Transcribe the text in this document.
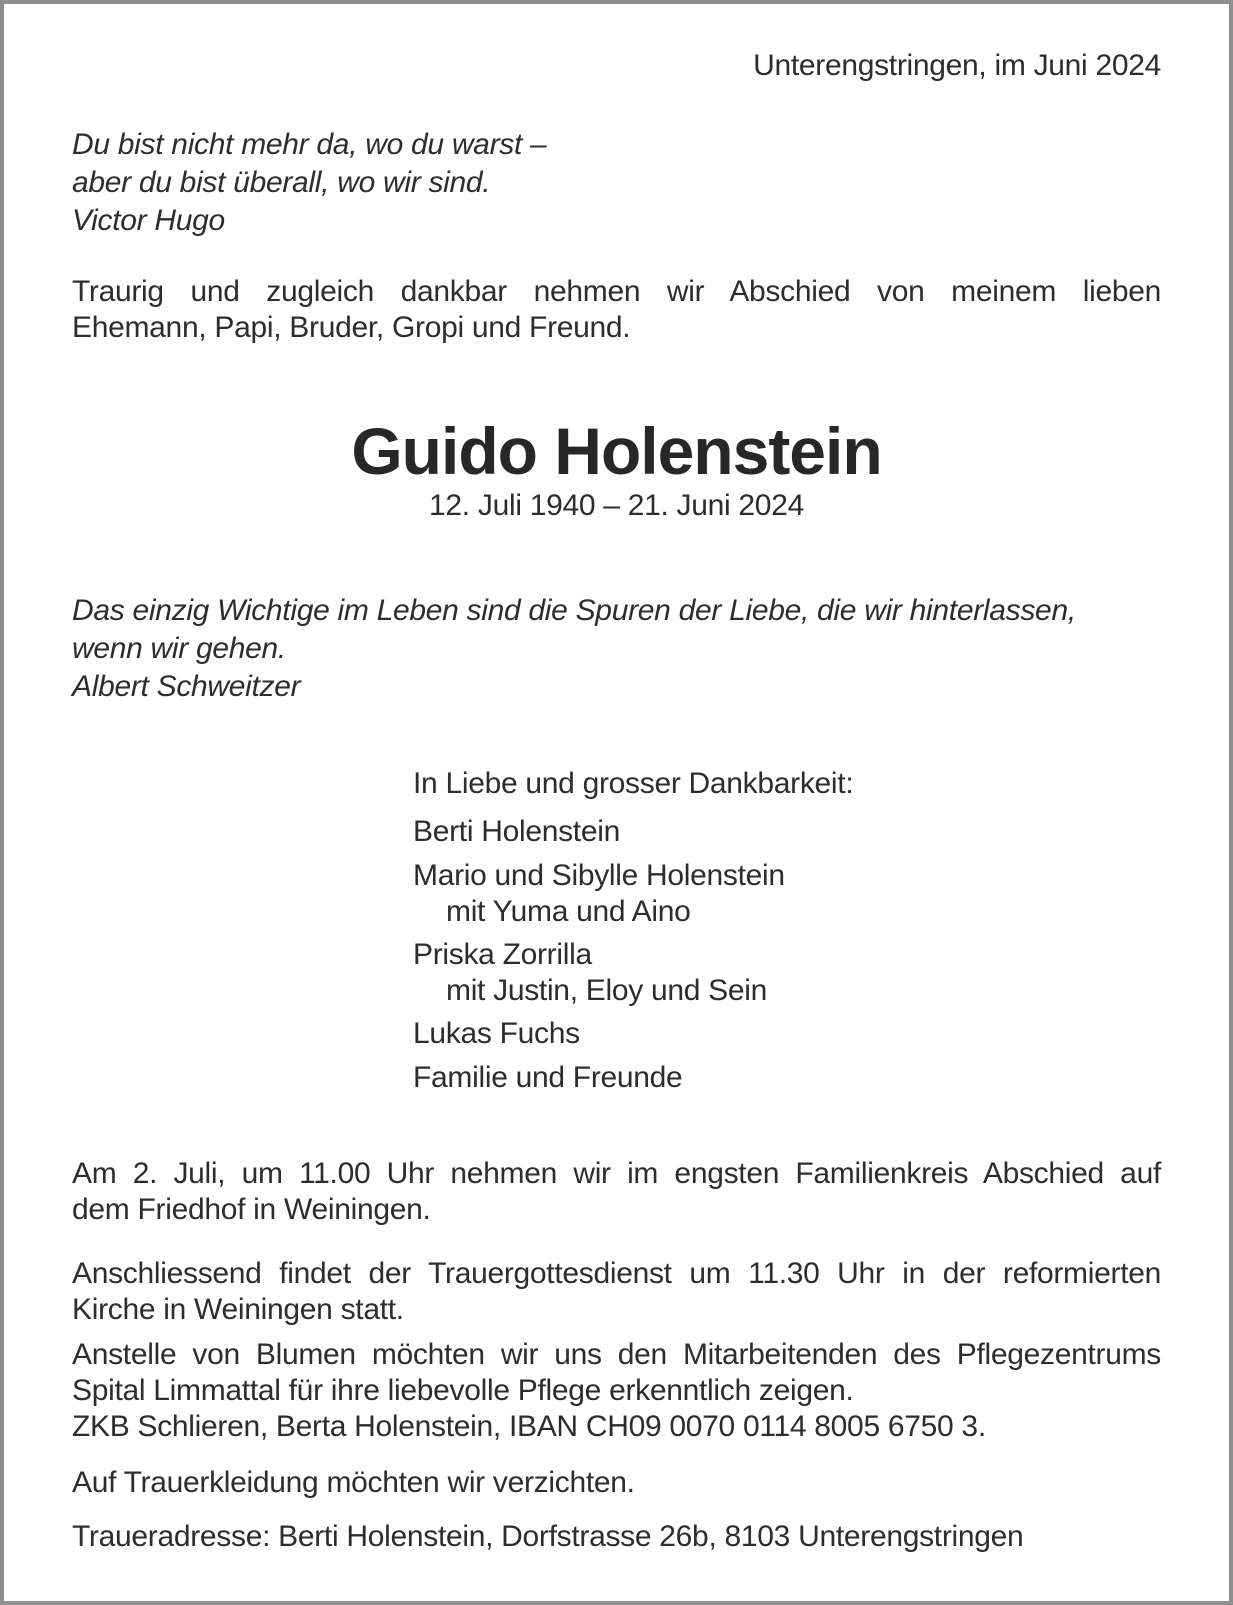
Unterengstringen, im Juni 2024
Du bist nicht mehr da, wo du warst –
aber du bist überall, wo wir sind.
Victor Hugo
Traurig und zugleich dankbar nehmen wir Abschied von meinem lieben
Ehemann, Papi, Bruder, Gropi und Freund.
Guido Holenstein
12. Juli 1940 – 21. Juni 2024
Das einzig Wichtige im Leben sind die Spuren der Liebe, die wir hinterlassen,
wenn wir gehen.
Albert Schweitzer
In Liebe und grosser Dankbarkeit:
Berti Holenstein
Mario und Sibylle Holenstein
mit Yuma und Aino
Priska Zorrilla
mit Justin, Eloy und Sein
Lukas Fuchs
Familie und Freunde
Am 2. Juli, um 11.00 Uhr nehmen wir im engsten Familienkreis Abschied auf
dem Friedhof in Weiningen.
Anschliessend findet der Trauergottesdienst um 11.30 Uhr in der reformierten
Kirche in Weiningen statt.
Anstelle von Blumen möchten wir uns den Mitarbeitenden des Pflegezentrums
Spital Limmattal für ihre liebevolle Pflege erkenntlich zeigen.
ZKB Schlieren, Berta Holenstein, IBAN CH09 0070 0114 8005 6750 3.
Auf Trauerkleidung möchten wir verzichten.
Traueradresse: Berti Holenstein, Dorfstrasse 26b, 8103 Unterengstringen
